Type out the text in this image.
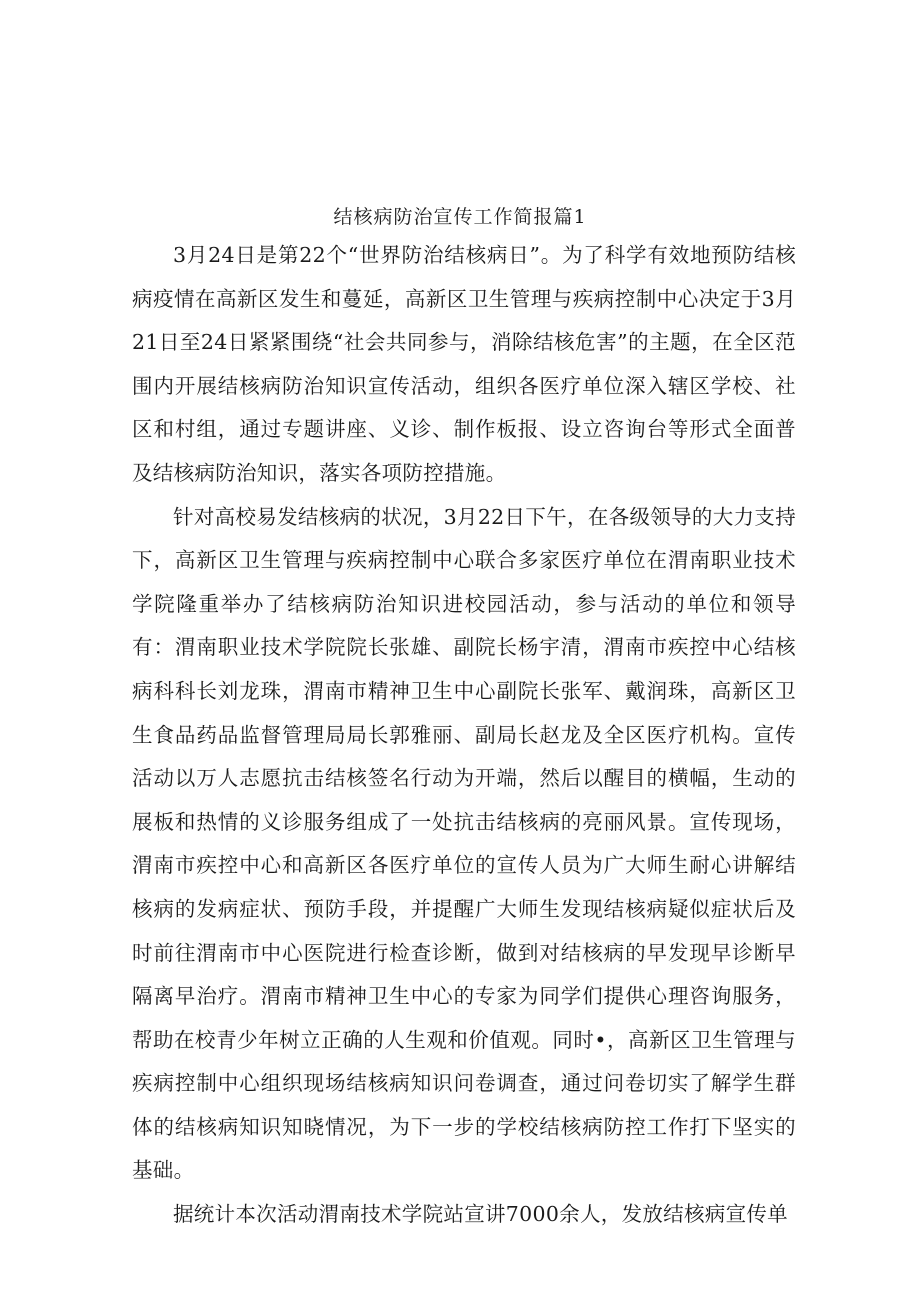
结核病防治宣传工作简报篇1

3月24日是第22个“世界防治结核病日”。为了科学有效地预防结核病疫情在高新区发生和蔓延，高新区卫生管理与疾病控制中心决定于3月21日至24日紧紧围绕“社会共同参与，消除结核危害”的主题，在全区范围内开展结核病防治知识宣传活动，组织各医疗单位深入辖区学校、社区和村组，通过专题讲座、义诊、制作板报、设立咨询台等形式全面普及结核病防治知识，落实各项防控措施。

针对高校易发结核病的状况，3月22日下午，在各级领导的大力支持下，高新区卫生管理与疾病控制中心联合多家医疗单位在渭南职业技术学院隆重举办了结核病防治知识进校园活动，参与活动的单位和领导有：渭南职业技术学院院长张雄、副院长杨宇清，渭南市疾控中心结核病科科长刘龙珠，渭南市精神卫生中心副院长张军、戴润珠，高新区卫生食品药品监督管理局局长郭雅丽、副局长赵龙及全区医疗机构。宣传活动以万人志愿抗击结核签名行动为开端，然后以醒目的横幅，生动的展板和热情的义诊服务组成了一处抗击结核病的亮丽风景。宣传现场，渭南市疾控中心和高新区各医疗单位的宣传人员为广大师生耐心讲解结核病的发病症状、预防手段，并提醒广大师生发现结核病疑似症状后及时前往渭南市中心医院进行检查诊断，做到对结核病的早发现早诊断早隔离早治疗。渭南市精神卫生中心的专家为同学们提供心理咨询服务，帮助在校青少年树立正确的人生观和价值观。同时•，高新区卫生管理与疾病控制中心组织现场结核病知识问卷调查，通过问卷切实了解学生群体的结核病知识知晓情况，为下一步的学校结核病防控工作打下坚实的基础。

据统计本次活动渭南技术学院站宣讲7000余人，发放结核病宣传单
